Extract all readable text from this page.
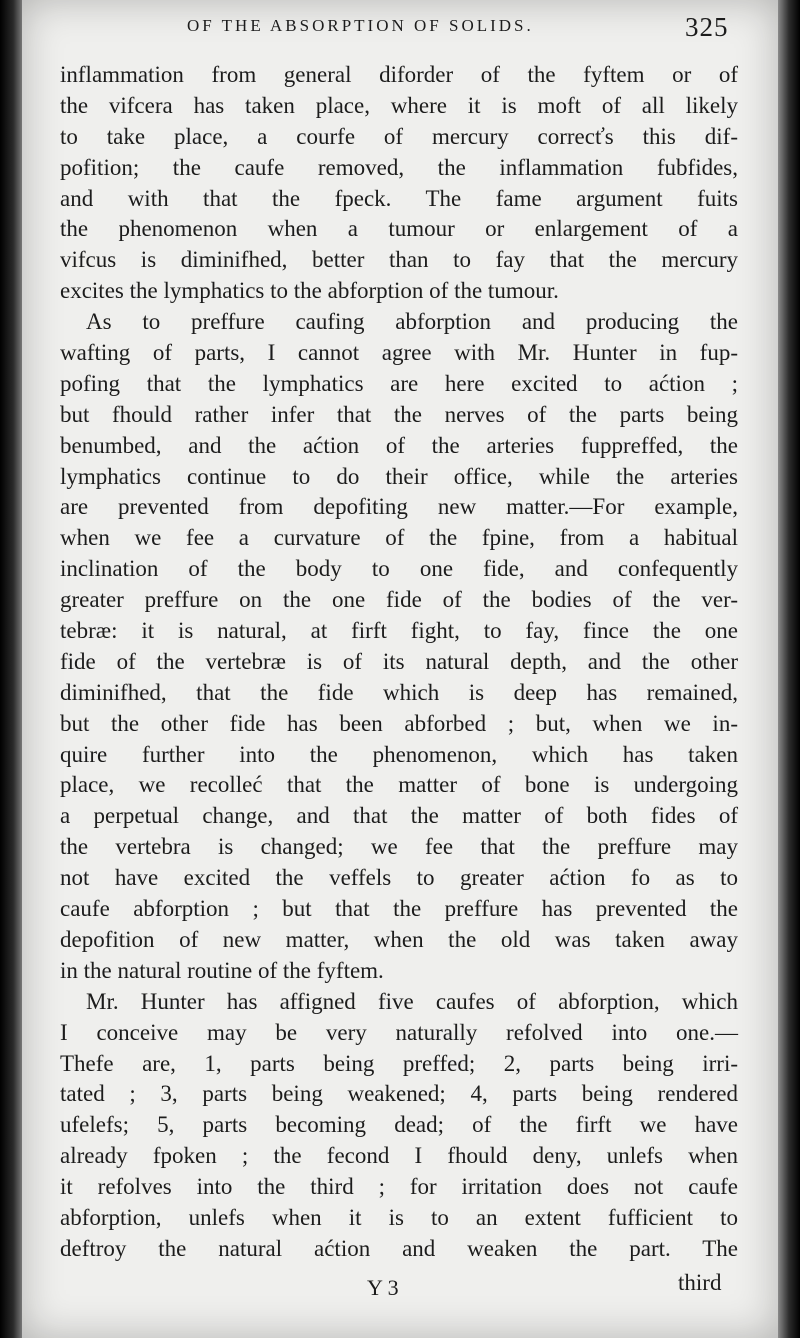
OF THE ABSORPTION OF SOLIDS.	325
inflammation from general diforder of the fyftem or of
the vifcera has taken place, where it is moft of all likely
to take place, a courfe of mercury correcťs this dif-
pofition; the caufe removed, the inflammation fubfides,
and with that the fpeck. The fame argument fuits
the phenomenon when a tumour or enlargement of a
vifcus is diminifhed, better than to fay that the mercury
excites the lymphatics to the abforption of the tumour.
As to preffure caufing abforption and producing the
wafting of parts, I cannot agree with Mr. Hunter in fup-
pofing that the lymphatics are here excited to aćtion ;
but fhould rather infer that the nerves of the parts being
benumbed, and the aćtion of the arteries fuppreffed, the
lymphatics continue to do their office, while the arteries
are prevented from depofiting new matter.—For example,
when we fee a curvature of the fpine, from a habitual
inclination of the body to one fide, and confequently
greater preffure on the one fide of the bodies of the ver-
tebræ: it is natural, at firft fight, to fay, fince the one
fide of the vertebræ is of its natural depth, and the other
diminifhed, that the fide which is deep has remained,
but the other fide has been abforbed ; but, when we in-
quire further into the phenomenon, which has taken
place, we recolleć that the matter of bone is undergoing
a perpetual change, and that the matter of both fides of
the vertebra is changed; we fee that the preffure may
not have excited the veffels to greater aćtion fo as to
caufe abforption ; but that the preffure has prevented the
depofition of new matter, when the old was taken away
in the natural routine of the fyftem.
Mr. Hunter has affigned five caufes of abforption, which
I conceive may be very naturally refolved into one.—
Thefe are, 1, parts being preffed; 2, parts being irri-
tated ; 3, parts being weakened; 4, parts being rendered
ufelefs; 5, parts becoming dead; of the firft we have
already fpoken ; the fecond I fhould deny, unlefs when
it refolves into the third ; for irritation does not caufe
abforption, unlefs when it is to an extent fufficient to
deftroy the natural aćtion and weaken the part. The
Y 3	third
